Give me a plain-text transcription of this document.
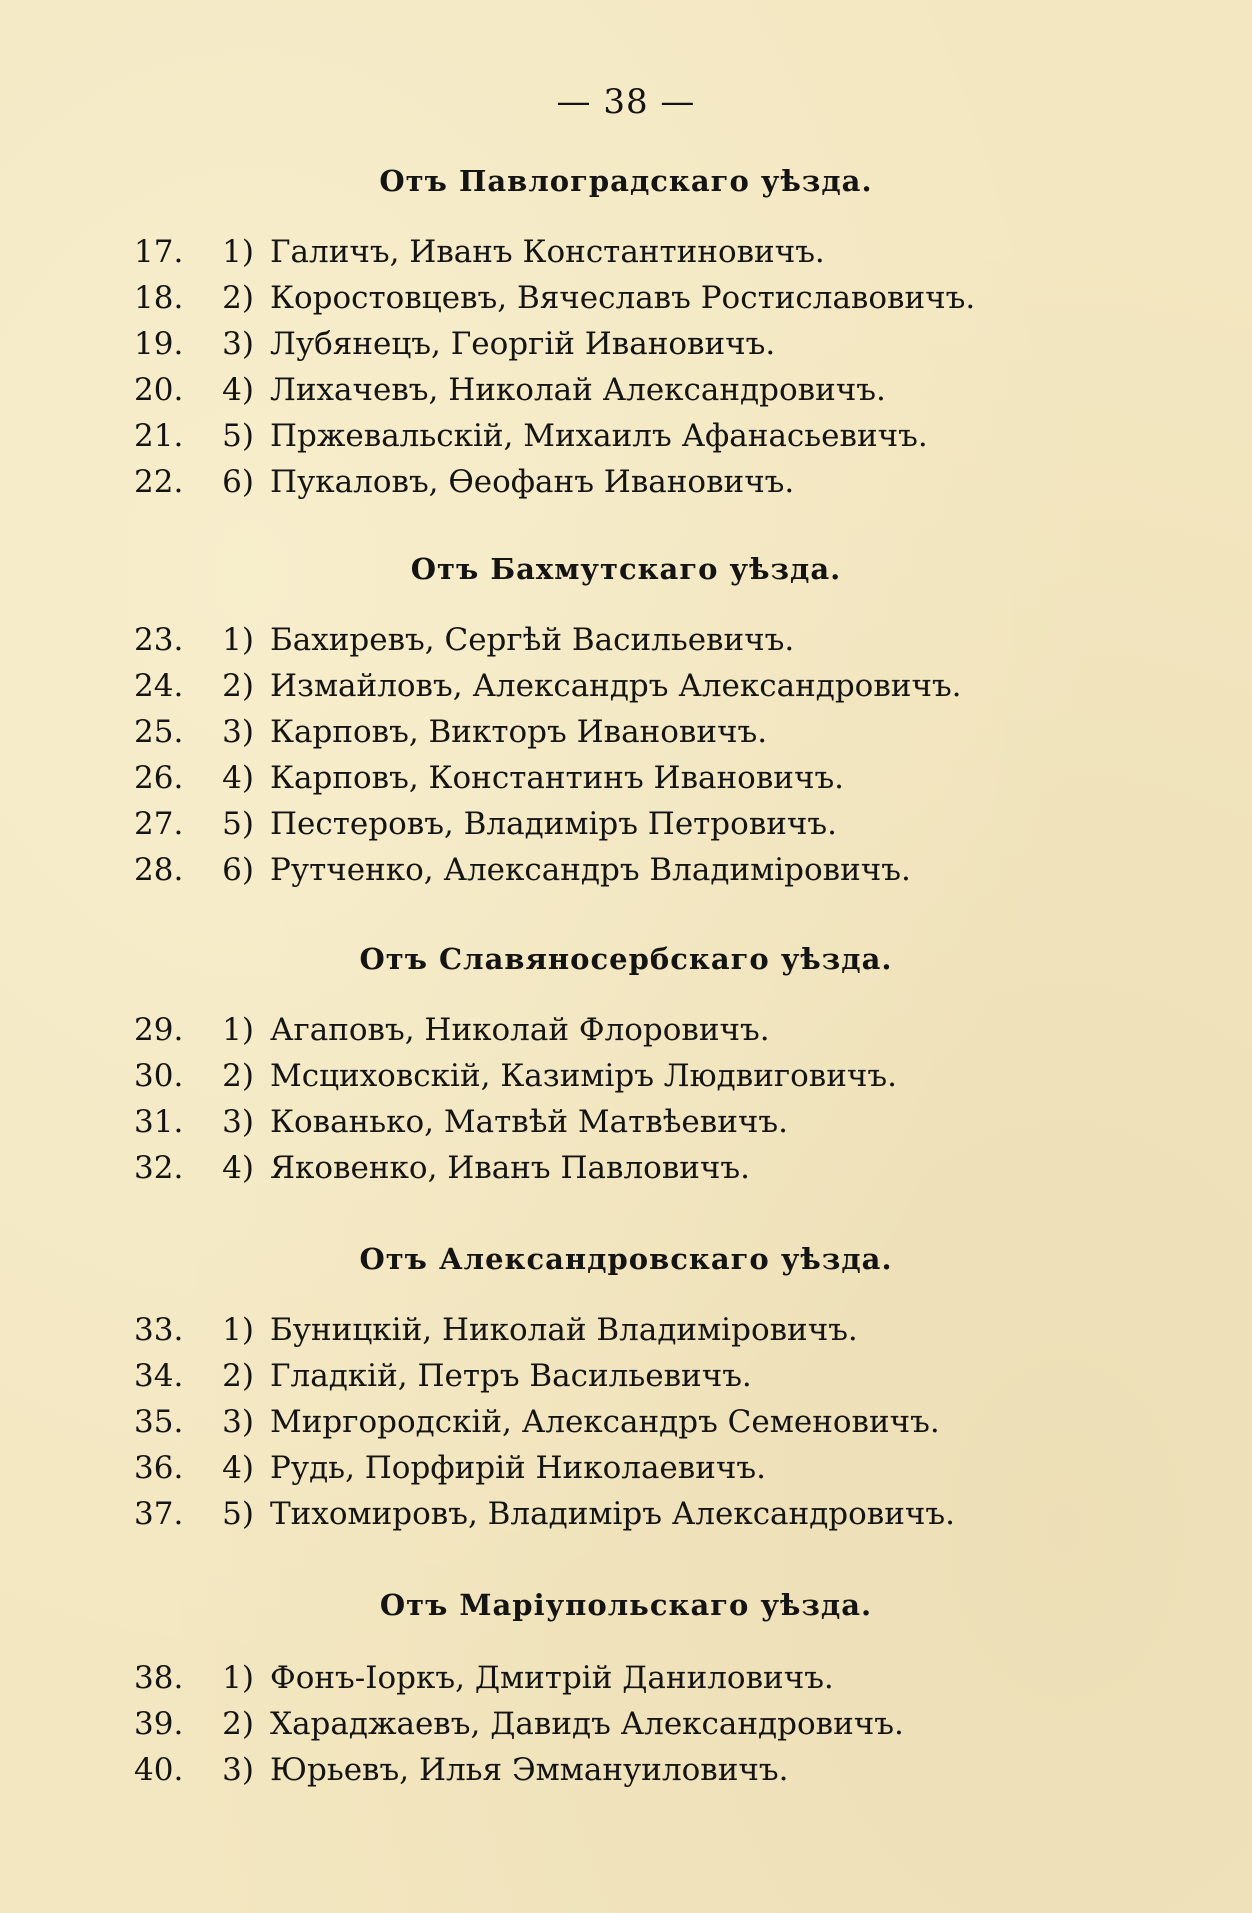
— 38 —
Отъ Павлоградскаго уѣзда.
17.	1) Галичъ, Иванъ Константиновичъ.
18.	2) Коростовцевъ, Вячеславъ Ростиславовичъ.
19.	3) Лубянецъ, Георгій Ивановичъ.
20.	4) Лихачевъ, Николай Александровичъ.
21.	5) Пржевальскій, Михаилъ Афанасьевичъ.
22.	6) Пукаловъ, Ѳеофанъ Ивановичъ.
Отъ Бахмутскаго уѣзда.
23.	1) Бахиревъ, Сергѣй Васильевичъ.
24.	2) Измайловъ, Александръ Александровичъ.
25.	3) Карповъ, Викторъ Ивановичъ.
26.	4) Карповъ, Константинъ Ивановичъ.
27.	5) Пестеровъ, Владиміръ Петровичъ.
28.	6) Рутченко, Александръ Владиміровичъ.
Отъ Славяносербскаго уѣзда.
29.	1) Агаповъ, Николай Флоровичъ.
30.	2) Мсциховскій, Казиміръ Людвиговичъ.
31.	3) Кованько, Матвѣй Матвѣевичъ.
32.	4) Яковенко, Иванъ Павловичъ.
Отъ Александровскаго уѣзда.
33.	1) Буницкій, Николай Владиміровичъ.
34.	2) Гладкій, Петръ Васильевичъ.
35.	3) Миргородскій, Александръ Семеновичъ.
36.	4) Рудь, Порфирій Николаевичъ.
37.	5) Тихомировъ, Владиміръ Александровичъ.
Отъ Маріупольскаго уѣзда.
38.	1) Фонъ-Іоркъ, Дмитрій Даниловичъ.
39.	2) Хараджаевъ, Давидъ Александровичъ.
40.	3) Юрьевъ, Илья Эммануиловичъ.
